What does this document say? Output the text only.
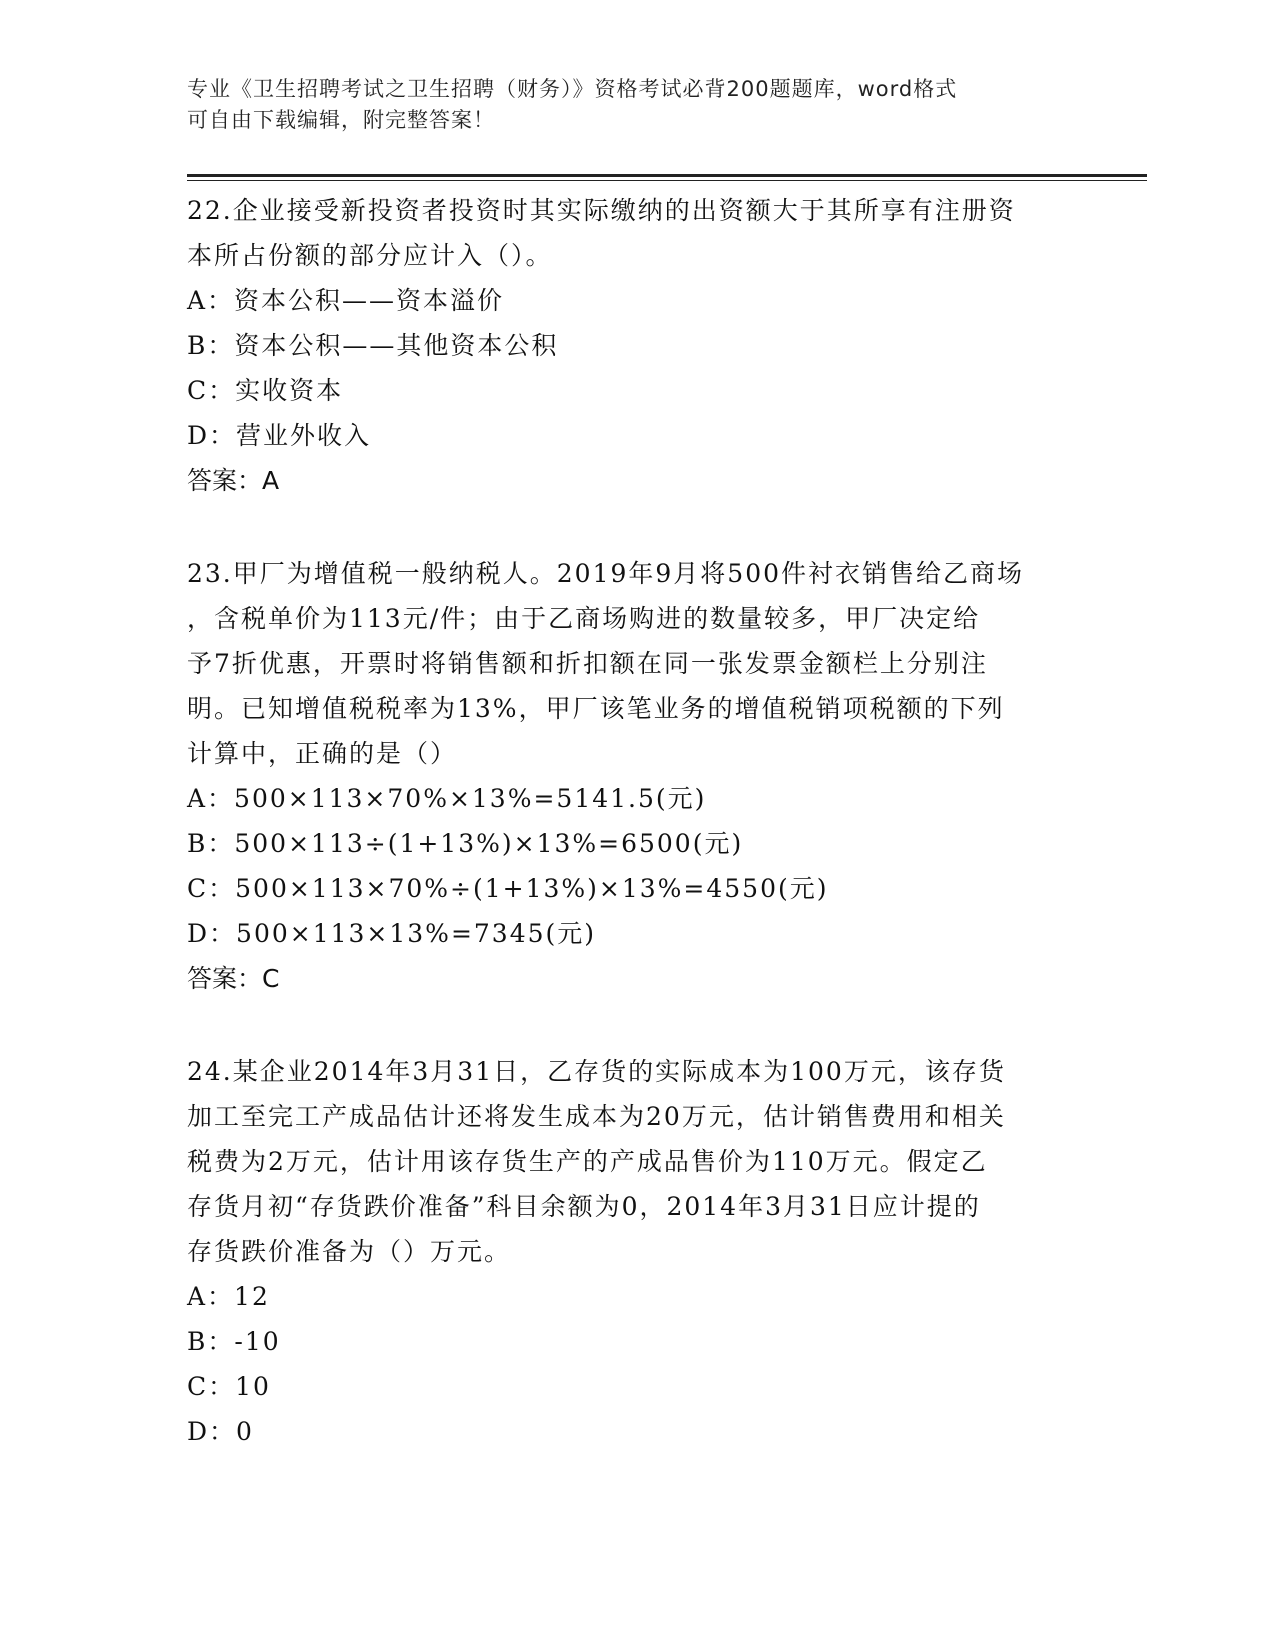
专业《卫生招聘考试之卫生招聘（财务）》资格考试必背200题题库，word格式
可自由下载编辑，附完整答案！

22.企业接受新投资者投资时其实际缴纳的出资额大于其所享有注册资

本所占份额的部分应计入（）。

A：资本公积——资本溢价

B：资本公积——其他资本公积

C：实收资本

D：营业外收入

答案：A

23.甲厂为增值税一般纳税人。2019年9月将500件衬衣销售给乙商场

，含税单价为113元/件；由于乙商场购进的数量较多，甲厂决定给

予7折优惠，开票时将销售额和折扣额在同一张发票金额栏上分别注

明。已知增值税税率为13%，甲厂该笔业务的增值税销项税额的下列

计算中，正确的是（）

A：500×113×70%×13%=5141.5(元)

B：500×113÷(1+13%)×13%=6500(元)

C：500×113×70%÷(1+13%)×13%=4550(元)

D：500×113×13%=7345(元)

答案：C

24.某企业2014年3月31日，乙存货的实际成本为100万元，该存货

加工至完工产成品估计还将发生成本为20万元，估计销售费用和相关

税费为2万元，估计用该存货生产的产成品售价为110万元。假定乙

存货月初“存货跌价准备”科目余额为0，2014年3月31日应计提的

存货跌价准备为（）万元。

A：12

B：-10

C：10

D：0
